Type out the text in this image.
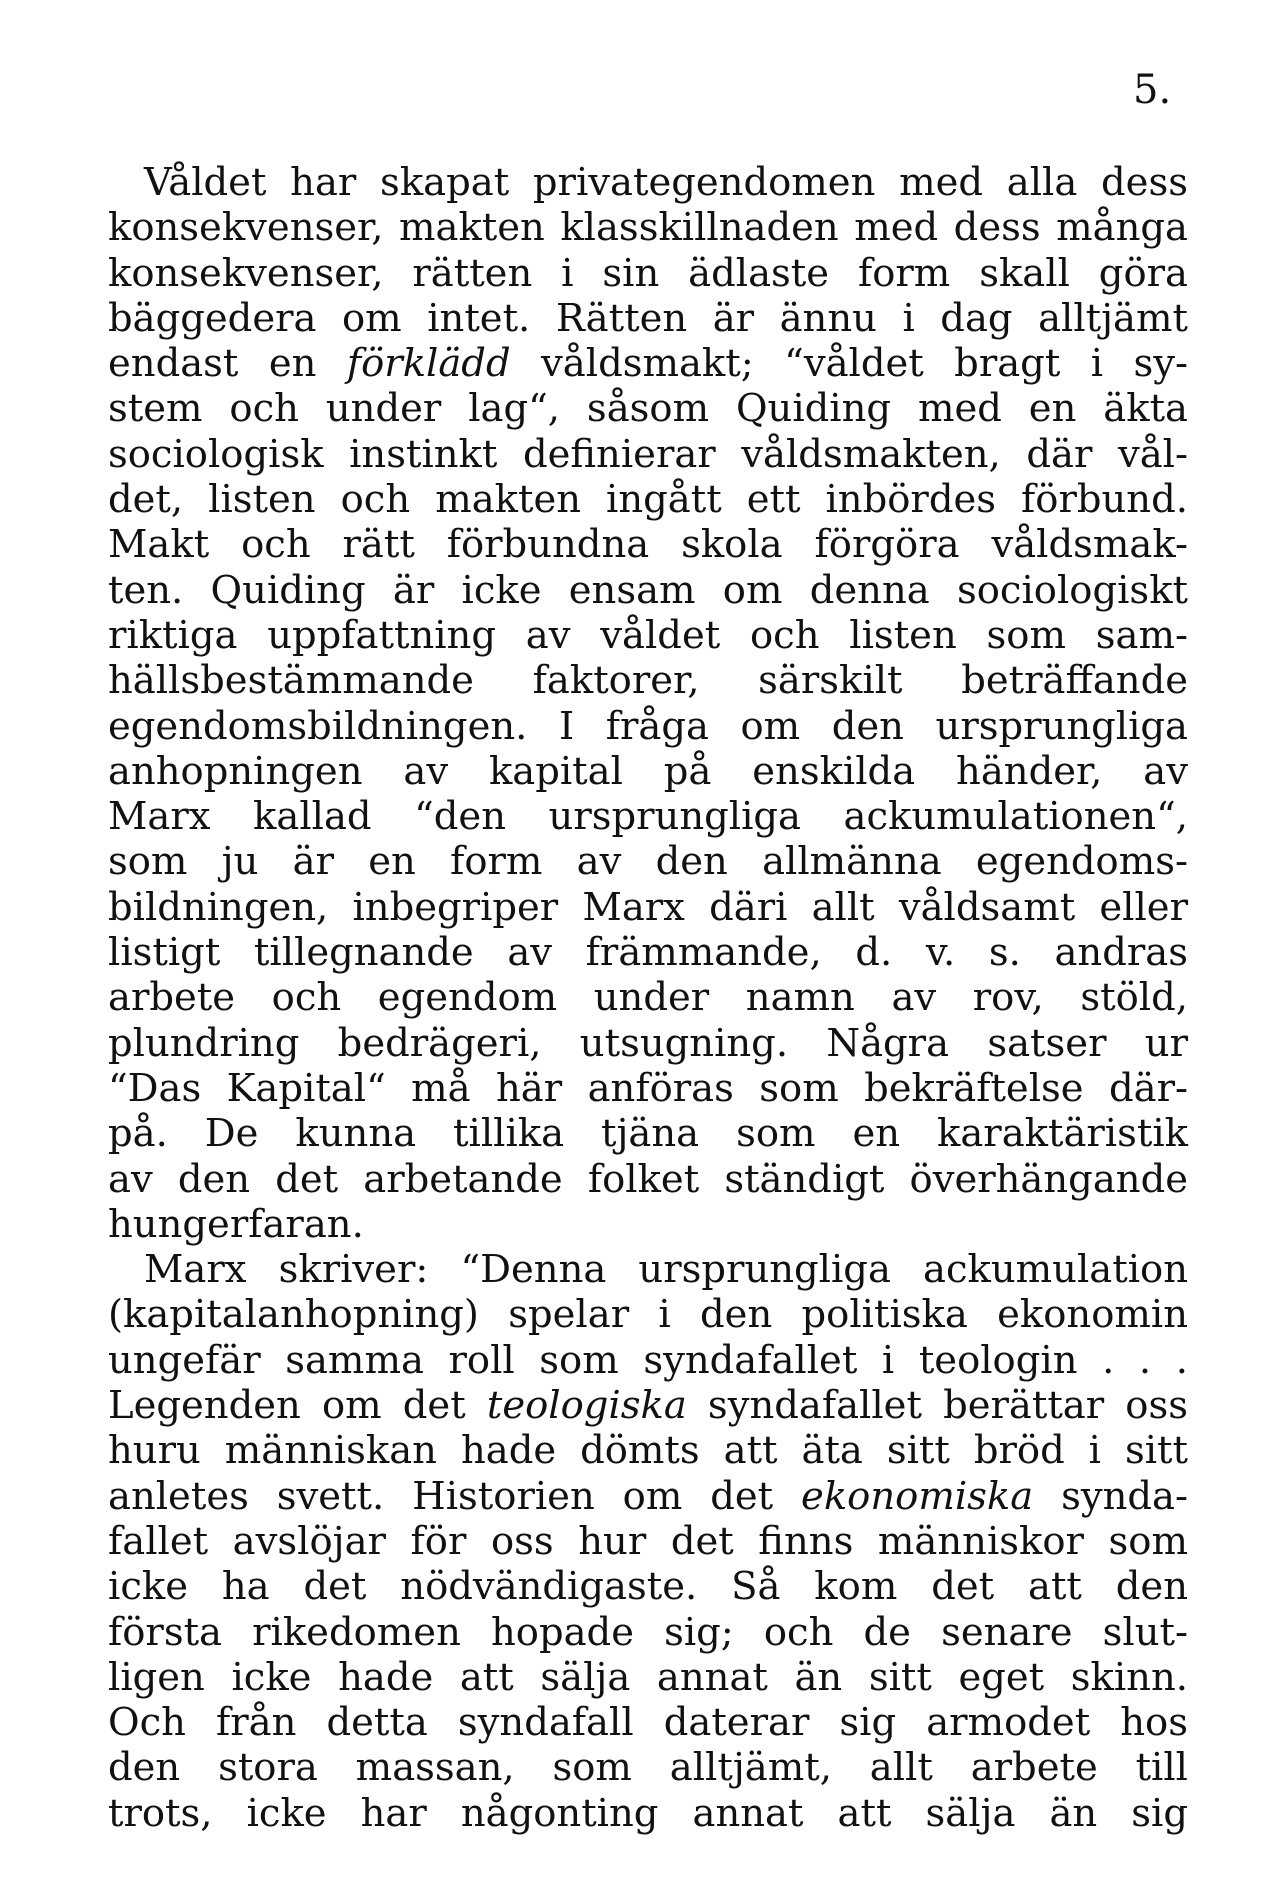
5.
Våldet har skapat privategendomen med alla dess
konsekvenser, makten klasskillnaden med dess många
konsekvenser, rätten i sin ädlaste form skall göra
bäggedera om intet. Rätten är ännu i dag alltjämt
endast en förklädd våldsmakt; “våldet bragt i sy-
stem och under lag“, såsom Quiding med en äkta
sociologisk instinkt definierar våldsmakten, där vål-
det, listen och makten ingått ett inbördes förbund.
Makt och rätt förbundna skola förgöra våldsmak-
ten. Quiding är icke ensam om denna sociologiskt
riktiga uppfattning av våldet och listen som sam-
hällsbestämmande faktorer, särskilt beträffande
egendomsbildningen. I fråga om den ursprungliga
anhopningen av kapital på enskilda händer, av
Marx kallad “den ursprungliga ackumulationen“,
som ju är en form av den allmänna egendoms-
bildningen, inbegriper Marx däri allt våldsamt eller
listigt tillegnande av främmande, d. v. s. andras
arbete och egendom under namn av rov, stöld,
plundring bedrägeri, utsugning. Några satser ur
“Das Kapital“ må här anföras som bekräftelse där-
på. De kunna tillika tjäna som en karaktäristik
av den det arbetande folket ständigt överhängande
hungerfaran.
Marx skriver: “Denna ursprungliga ackumulation
(kapitalanhopning) spelar i den politiska ekonomin
ungefär samma roll som syndafallet i teologin . . .
Legenden om det teologiska syndafallet berättar oss
huru människan hade dömts att äta sitt bröd i sitt
anletes svett. Historien om det ekonomiska synda-
fallet avslöjar för oss hur det finns människor som
icke ha det nödvändigaste. Så kom det att den
första rikedomen hopade sig; och de senare slut-
ligen icke hade att sälja annat än sitt eget skinn.
Och från detta syndafall daterar sig armodet hos
den stora massan, som alltjämt, allt arbete till
trots, icke har någonting annat att sälja än sig
